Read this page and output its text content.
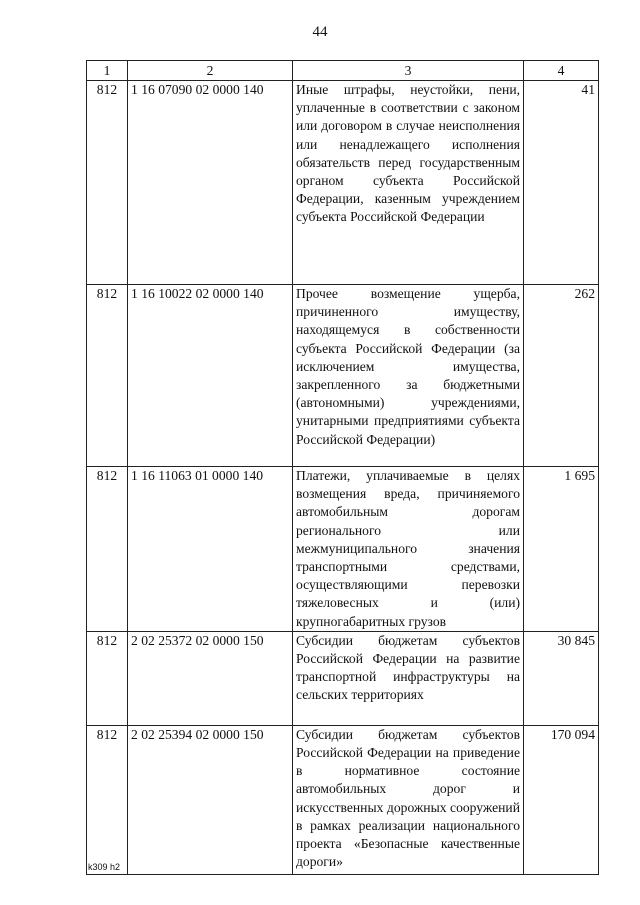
44
1	2	3	4
812	1 16 07090 02 0000 140	Иные штрафы, неустойки, пени, уплаченные в соответствии с законом или договором в случае неисполнения или ненадлежащего исполнения обязательств перед государственным органом субъекта Российской Федерации, казенным учреждением субъекта Российской Федерации	41
812	1 16 10022 02 0000 140	Прочее возмещение ущерба, причиненного имуществу, находящемуся в собственности субъекта Российской Федерации (за исключением имущества, закрепленного за бюджетными (автономными) учреждениями, унитарными предприятиями субъекта Российской Федерации)	262
812	1 16 11063 01 0000 140	Платежи, уплачиваемые в целях возмещения вреда, причиняемого автомобильным дорогам регионального или межмуниципального значения транспортными средствами, осуществляющими перевозки тяжеловесных и (или) крупногабаритных грузов	1 695
812	2 02 25372 02 0000 150	Субсидии бюджетам субъектов Российской Федерации на развитие транспортной инфраструктуры на сельских территориях	30 845
812	2 02 25394 02 0000 150	Субсидии бюджетам субъектов Российской Федерации на приведение в нормативное состояние автомобильных дорог и искусственных дорожных сооружений в рамках реализации национального проекта «Безопасные качественные дороги»	170 094
k309 h2
